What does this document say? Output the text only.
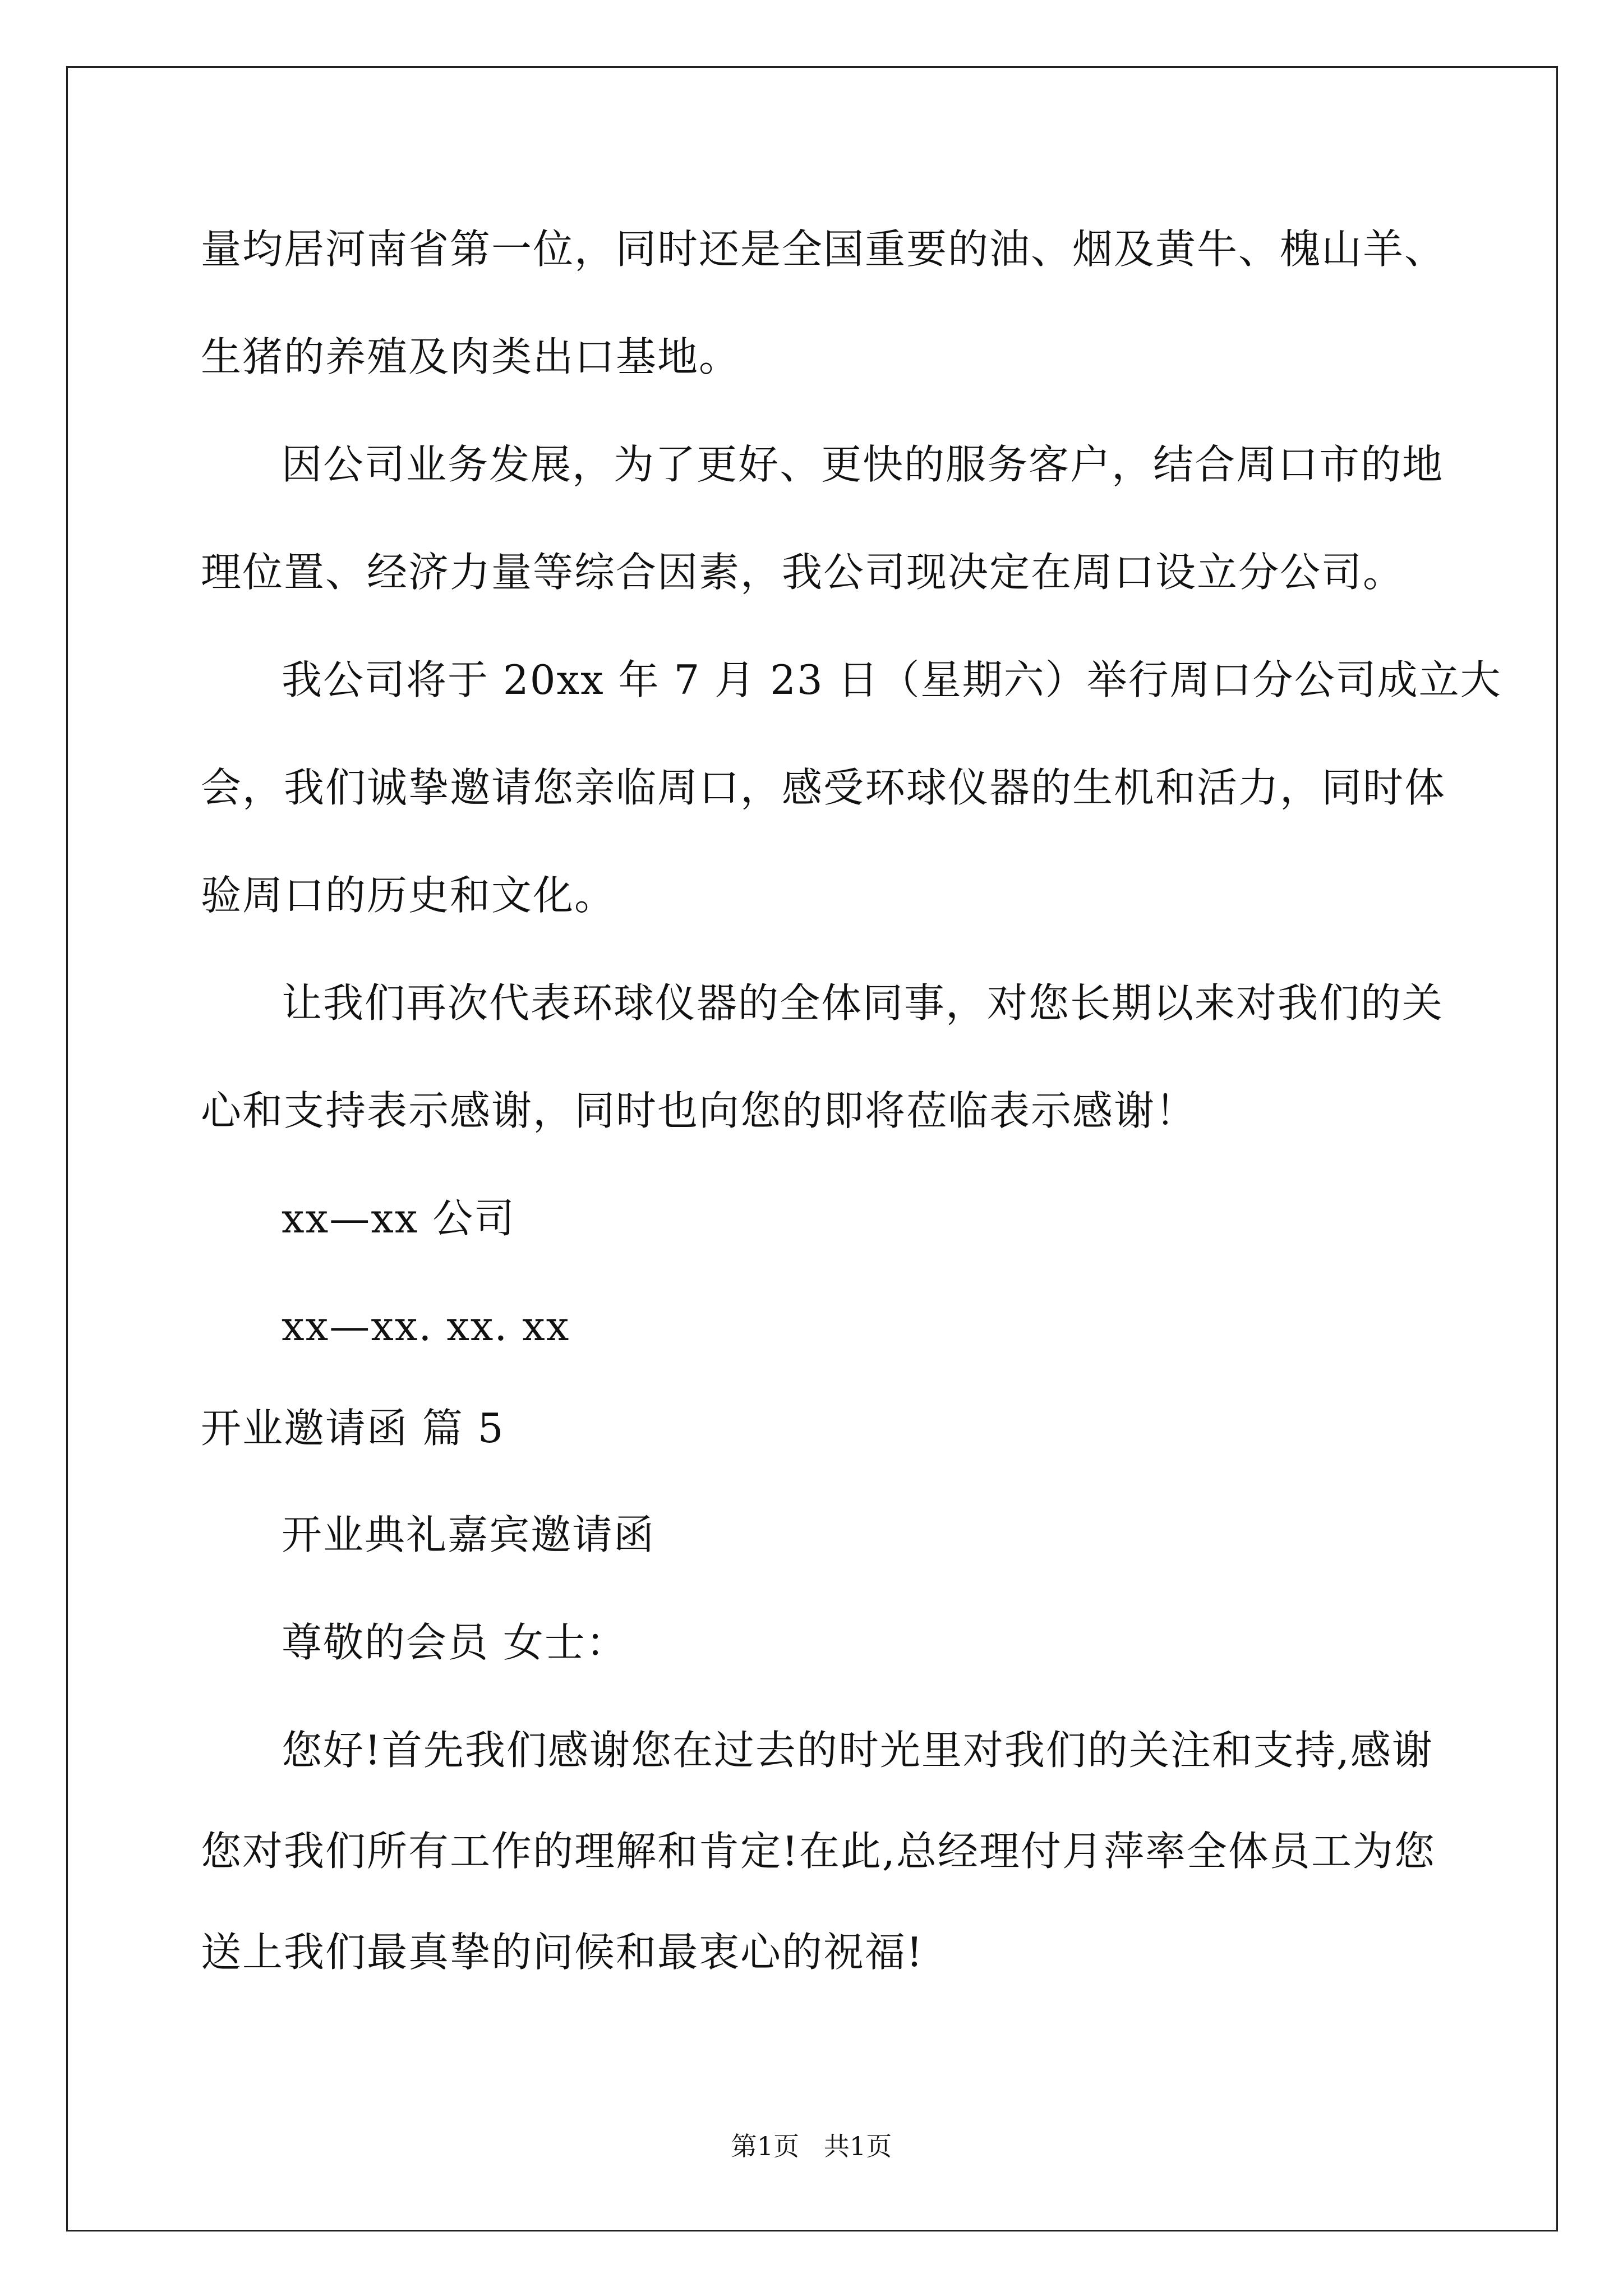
量均居河南省第一位，同时还是全国重要的油、烟及黄牛、槐山羊、
生猪的养殖及肉类出口基地。
因公司业务发展，为了更好、更快的服务客户，结合周口市的地
理位置、经济力量等综合因素，我公司现决定在周口设立分公司。
我公司将于 20xx 年 7 月 23 日（星期六）举行周口分公司成立大
会，我们诚挚邀请您亲临周口，感受环球仪器的生机和活力，同时体
验周口的历史和文化。
让我们再次代表环球仪器的全体同事，对您长期以来对我们的关
心和支持表示感谢，同时也向您的即将莅临表示感谢！
xx—xx 公司
xx—xx. xx. xx
开业邀请函 篇 5
开业典礼嘉宾邀请函
尊敬的会员 女士：
您好!首先我们感谢您在过去的时光里对我们的关注和支持,感谢
您对我们所有工作的理解和肯定!在此,总经理付月萍率全体员工为您
送上我们最真挚的问候和最衷心的祝福!
第1页   共1页
